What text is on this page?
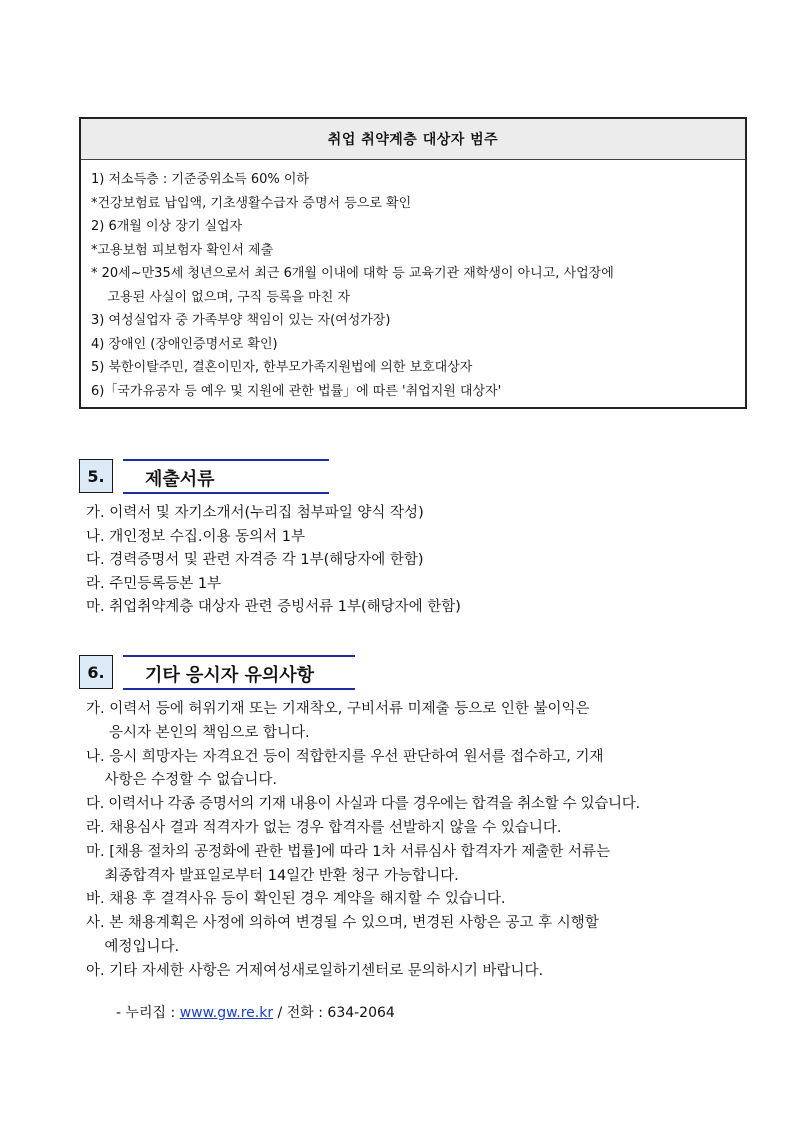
취업 취약계층 대상자 범주
1) 저소득층 : 기준중위소득 60% 이하
*건강보험료 납입액, 기초생활수급자 증명서 등으로 확인
2) 6개월 이상 장기 실업자
*고용보험 피보험자 확인서 제출
* 20세~만35세 청년으로서 최근 6개월 이내에 대학 등 교육기관 재학생이 아니고, 사업장에
고용된 사실이 없으며, 구직 등록을 마친 자
3) 여성실업자 중 가족부양 책임이 있는 자(여성가장)
4) 장애인 (장애인증명서로 확인)
5) 북한이탈주민, 결혼이민자, 한부모가족지원법에 의한 보호대상자
6)「국가유공자 등 예우 및 지원에 관한 법률」에 따른 '취업지원 대상자'
5.	제출서류
가. 이력서 및 자기소개서(누리집 첨부파일 양식 작성)
나. 개인정보 수집.이용 동의서 1부
다. 경력증명서 및 관련 자격증 각 1부(해당자에 한함)
라. 주민등록등본 1부
마. 취업취약계층 대상자 관련 증빙서류 1부(해당자에 한함)
6.	기타 응시자 유의사항
가. 이력서 등에 허위기재 또는 기재착오, 구비서류 미제출 등으로 인한 불이익은
응시자 본인의 책임으로 합니다.
나. 응시 희망자는 자격요건 등이 적합한지를 우선 판단하여 원서를 접수하고, 기재
사항은 수정할 수 없습니다.
다. 이력서나 각종 증명서의 기재 내용이 사실과 다를 경우에는 합격을 취소할 수 있습니다.
라. 채용심사 결과 적격자가 없는 경우 합격자를 선발하지 않을 수 있습니다.
마. [채용 절차의 공정화에 관한 법률]에 따라 1차 서류심사 합격자가 제출한 서류는
최종합격자 발표일로부터 14일간 반환 청구 가능합니다.
바. 채용 후 결격사유 등이 확인된 경우 계약을 해지할 수 있습니다.
사. 본 채용계획은 사정에 의하여 변경될 수 있으며, 변경된 사항은 공고 후 시행할
예정입니다.
아. 기타 자세한 사항은 거제여성새로일하기센터로 문의하시기 바랍니다.
- 누리집 : www.gw.re.kr / 전화 : 634-2064
